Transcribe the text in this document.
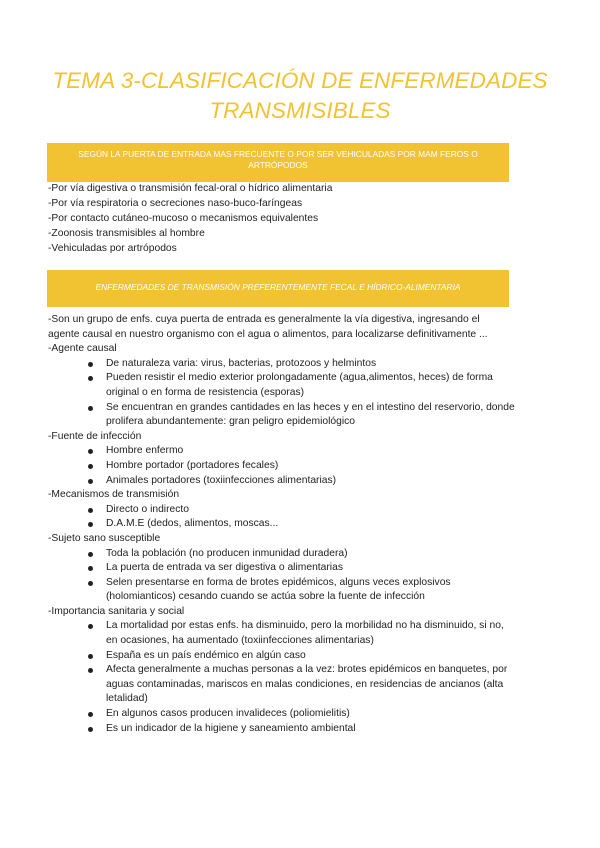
TEMA 3-CLASIFICACIÓN DE ENFERMEDADES
TRANSMISIBLES
SEGÚN LA PUERTA DE ENTRADA MAS FRECUENTE O POR SER VEHICULADAS POR MAM FEROS O
ARTRÓPODOS
-Por vía digestiva o transmisión fecal-oral o hídrico alimentaria
-Por vía respiratoria o secreciones naso-buco-faríngeas
-Por contacto cutáneo-mucoso o mecanismos equivalentes
-Zoonosis transmisibles al hombre
-Vehiculadas por artrópodos
ENFERMEDADES DE TRANSMISIÓN PREFERENTEMENTE FECAL E HÍDRICO-ALIMENTARIA

-Son un grupo de enfs. cuya puerta de entrada es generalmente la vía digestiva, ingresando el

agente causal en nuestro organismo con el agua o alimentos, para localizarse definitivamente ...

-Agente causal

De naturaleza varia: virus, bacterias, protozoos y helmintos
Pueden resistir el medio exterior prolongadamente (agua,alimentos, heces) de forma
original o en forma de resistencia (esporas)
Se encuentran en grandes cantidades en las heces y en el intestino del reservorio, donde
prolifera abundantemente: gran peligro epidemiológico

-Fuente de infección

Hombre enfermo
Hombre portador (portadores fecales)
Animales portadores (toxiinfecciones alimentarias)

-Mecanismos de transmisión

Directo o indirecto
D.A.M.E (dedos, alimentos, moscas...

-Sujeto sano susceptible

Toda la población (no producen inmunidad duradera)
La puerta de entrada va ser digestiva o alimentarias
Selen presentarse en forma de brotes epidémicos, alguns veces explosivos
(holomianticos) cesando cuando se actúa sobre la fuente de infección

-Importancia sanitaria y social

La mortalidad por estas enfs. ha disminuido, pero la morbilidad no ha disminuido, si no,
en ocasiones, ha aumentado (toxiinfecciones alimentarias)
España es un país endémico en algún caso
Afecta generalmente a muchas personas a la vez: brotes epidémicos en banquetes, por
aguas contaminadas, mariscos en malas condiciones, en residencias de ancianos (alta
letalidad)
En algunos casos producen invalideces (poliomielitis)
Es un indicador de la higiene y saneamiento ambiental
